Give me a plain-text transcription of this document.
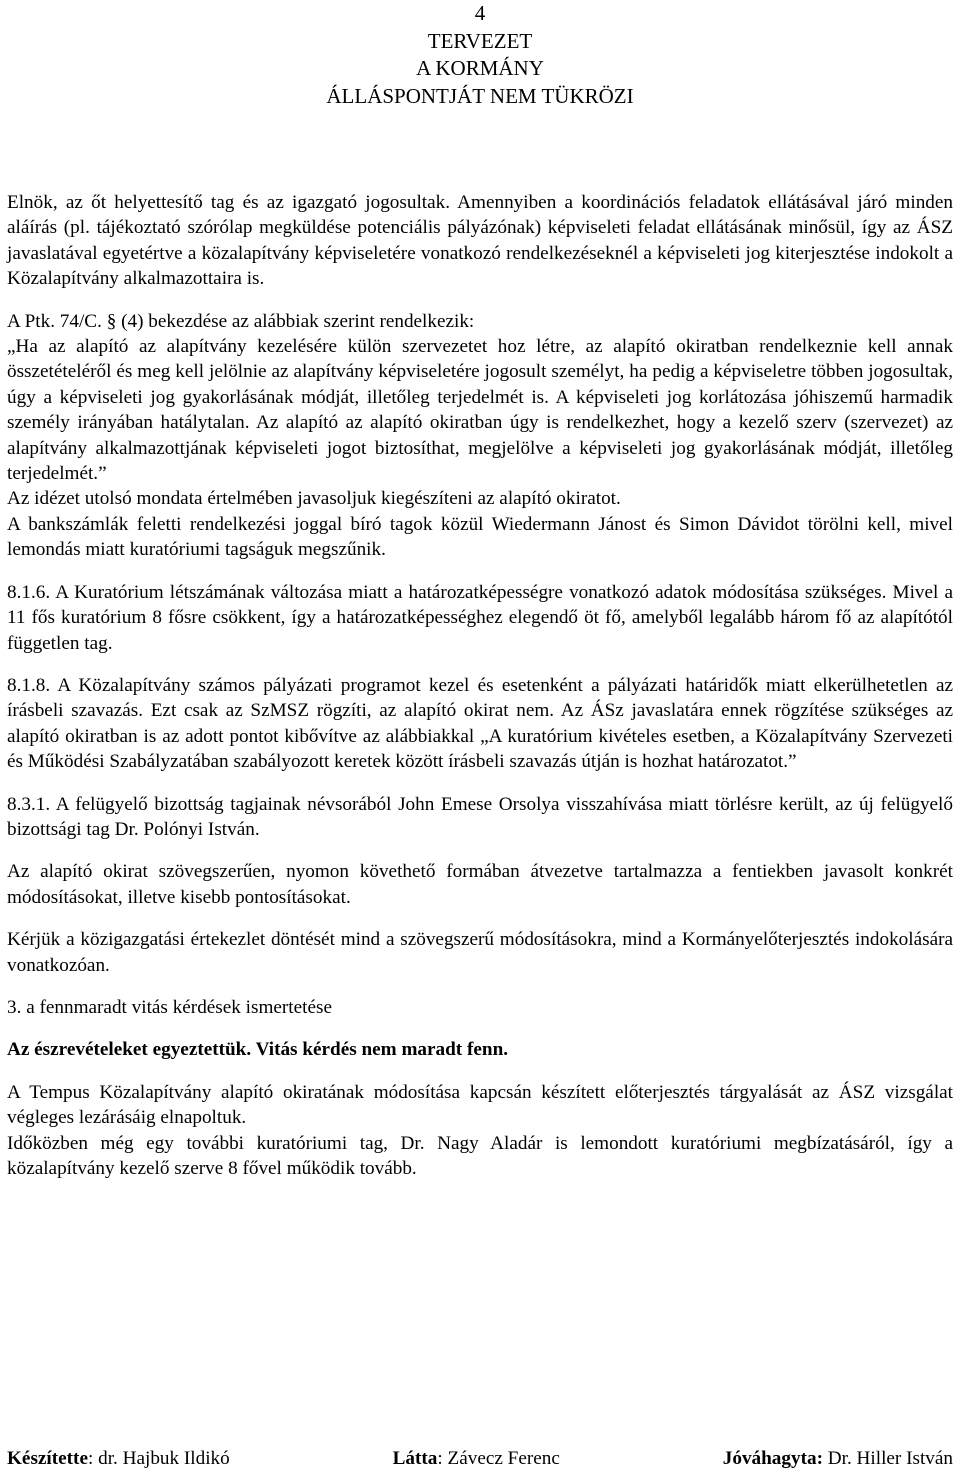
4
TERVEZET
A KORMÁNY
ÁLLÁSPONTJÁT NEM TÜKRÖZI

Elnök, az őt helyettesítő tag és az igazgató jogosultak. Amennyiben a koordinációs feladatok ellátásával járó minden aláírás (pl. tájékoztató szórólap megküldése potenciális pályázónak) képviseleti feladat ellátásának minősül, így az ÁSZ javaslatával egyetértve a közalapítvány képviseletére vonatkozó rendelkezéseknél a képviseleti jog kiterjesztése indokolt a Közalapítvány alkalmazottaira is.

A Ptk. 74/C. § (4) bekezdése az alábbiak szerint rendelkezik:

„Ha az alapító az alapítvány kezelésére külön szervezetet hoz létre, az alapító okiratban rendelkeznie kell annak összetételéről és meg kell jelölnie az alapítvány képviseletére jogosult személyt, ha pedig a képviseletre többen jogosultak, úgy a képviseleti jog gyakorlásának módját, illetőleg terjedelmét is. A képviseleti jog korlátozása jóhiszemű harmadik személy irányában hatálytalan. Az alapító az alapító okiratban úgy is rendelkezhet, hogy a kezelő szerv (szervezet) az alapítvány alkalmazottjának képviseleti jogot biztosíthat, megjelölve a képviseleti jog gyakorlásának módját, illetőleg terjedelmét.”

Az idézet utolsó mondata értelmében javasoljuk kiegészíteni az alapító okiratot.

A bankszámlák feletti rendelkezési joggal bíró tagok közül Wiedermann Jánost és Simon Dávidot törölni kell, mivel lemondás miatt kuratóriumi tagságuk megszűnik.

8.1.6. A Kuratórium létszámának változása miatt a határozatképességre vonatkozó adatok módosítása szükséges. Mivel a 11 fős kuratórium 8 fősre csökkent, így a határozatképességhez elegendő öt fő, amelyből legalább három fő az alapítótól független tag.

8.1.8. A Közalapítvány számos pályázati programot kezel és esetenként a pályázati határidők miatt elkerülhetetlen az írásbeli szavazás. Ezt csak az SzMSZ rögzíti, az alapító okirat nem. Az ÁSz javaslatára ennek rögzítése szükséges az alapító okiratban is az adott pontot kibővítve az alábbiakkal „A kuratórium kivételes esetben, a Közalapítvány Szervezeti és Működési Szabályzatában szabályozott keretek között írásbeli szavazás útján is hozhat határozatot.”

8.3.1. A felügyelő bizottság tagjainak névsorából John Emese Orsolya visszahívása miatt törlésre került, az új felügyelő bizottsági tag Dr. Polónyi István.

Az alapító okirat szövegszerűen, nyomon követhető formában átvezetve tartalmazza a fentiekben javasolt konkrét módosításokat, illetve kisebb pontosításokat.

Kérjük a közigazgatási értekezlet döntését mind a szövegszerű módosításokra, mind a Kormányelőterjesztés indokolására vonatkozóan.

3. a fennmaradt vitás kérdések ismertetése

Az észrevételeket egyeztettük. Vitás kérdés nem maradt fenn.

A Tempus Közalapítvány alapító okiratának módosítása kapcsán készített előterjesztés tárgyalását az ÁSZ vizsgálat végleges lezárásáig elnapoltuk.

Időközben még egy további kuratóriumi tag, Dr. Nagy Aladár is lemondott kuratóriumi megbízatásáról, így a közalapítvány kezelő szerve 8 fővel működik tovább.

Készítette: dr. Hajbuk Ildikó	Látta: Závecz Ferenc	Jóváhagyta: Dr. Hiller István
